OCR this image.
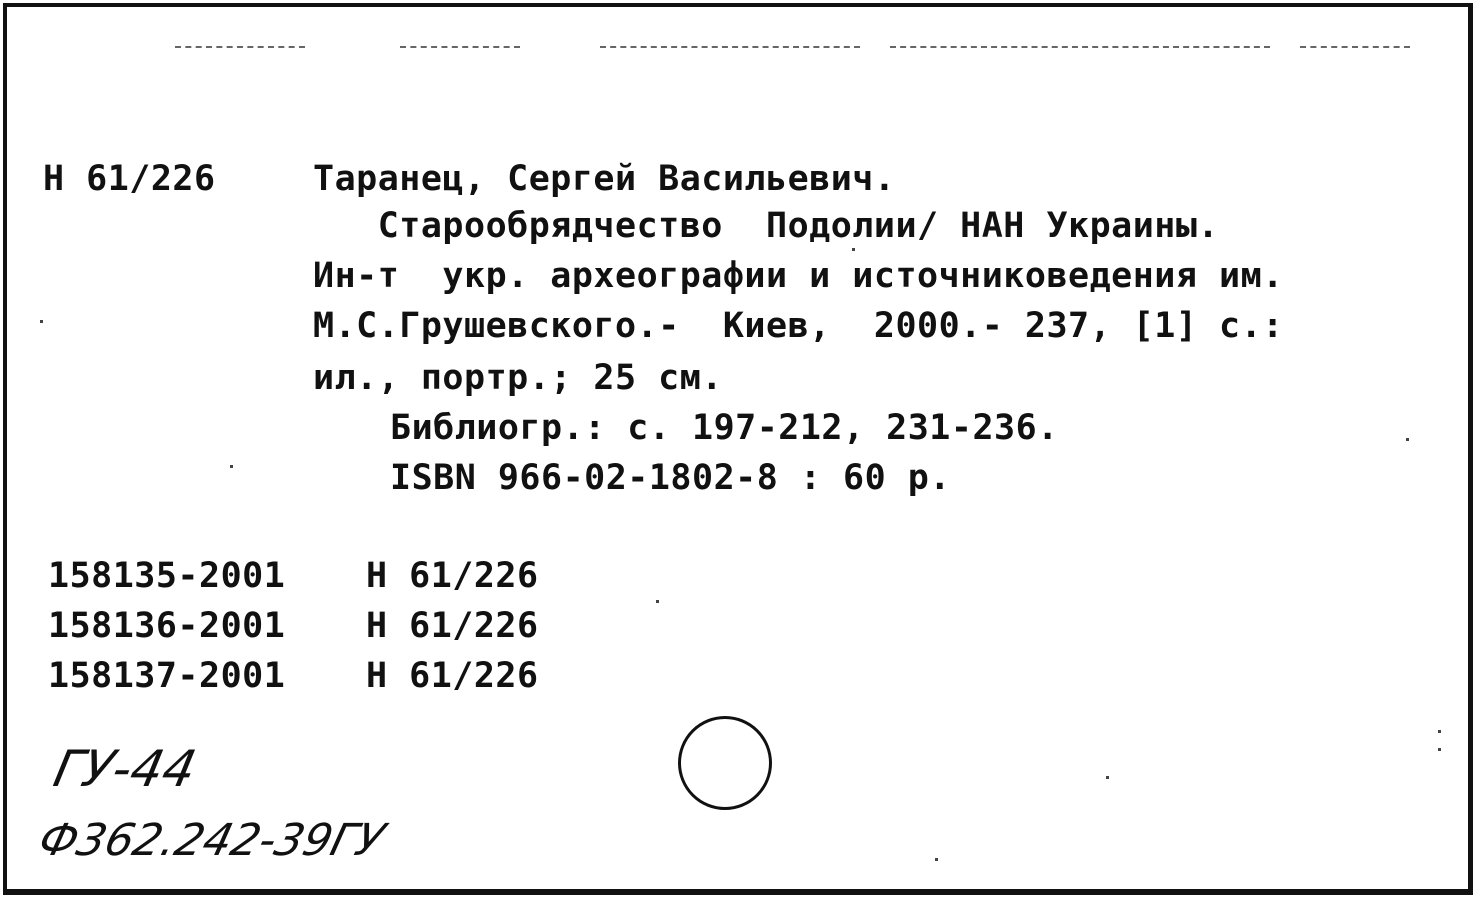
Н 61/226	Таранец, Сергей Васильевич.
Старообрядчество  Подолии/ НАН Украины.
Ин-т  укр. археографии и источниковедения им.
М.С.Грушевского.-  Киев,  2000.- 237, [1] с.:
ил., портр.; 25 см.
Библиогр.: с. 197-212, 231-236.
ISBN 966-02-1802-8 : 60 р.
158135-2001 Н 61/226
158136-2001 Н 61/226
158137-2001 Н 61/226
ГУ-44
Ф362.242-39ГУ
